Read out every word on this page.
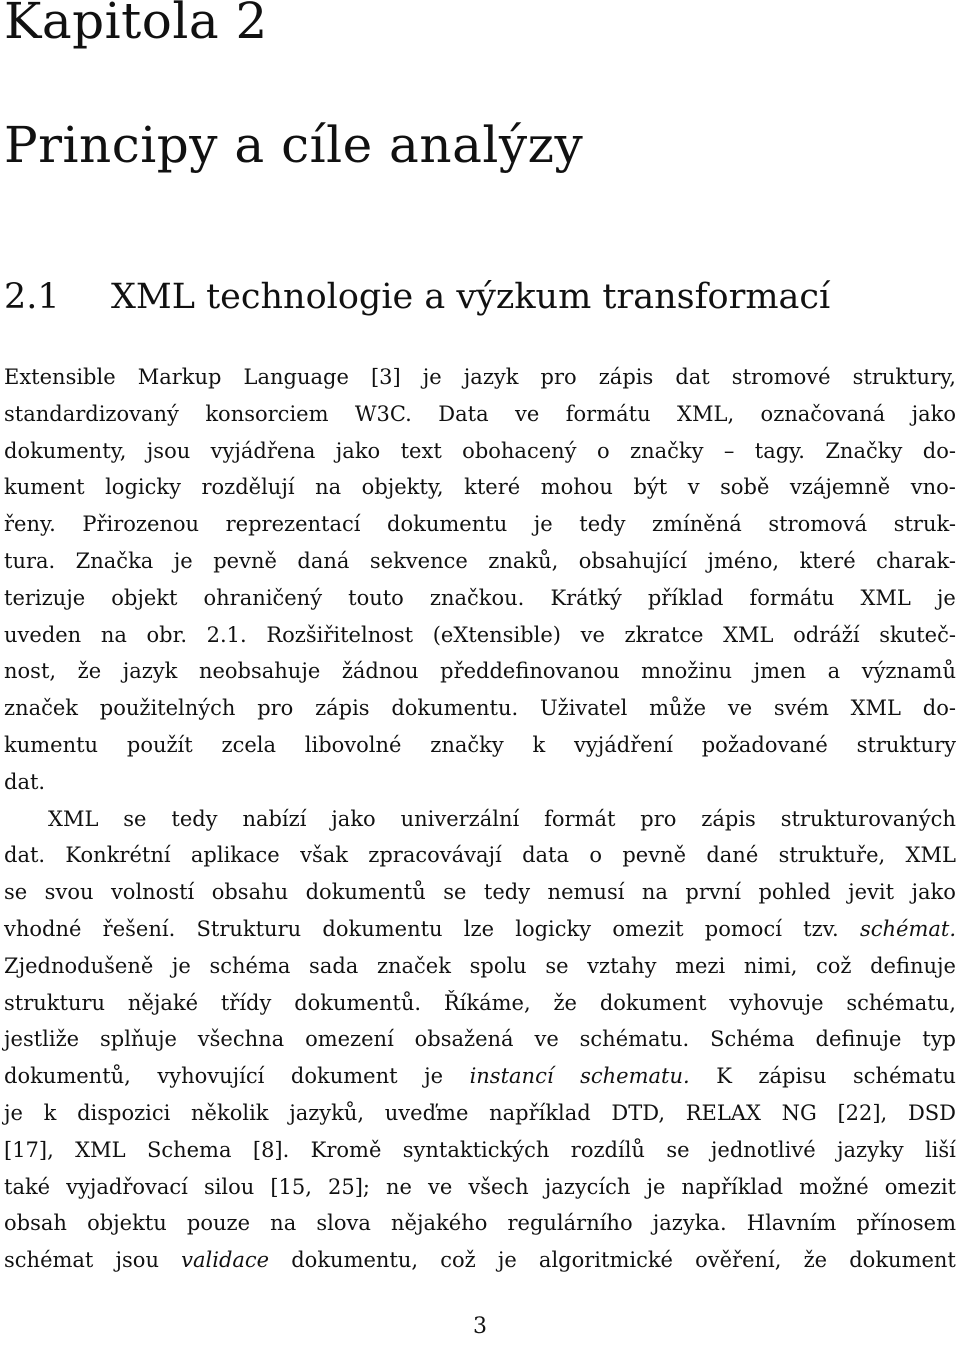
Kapitola 2
Principy a cíle analýzy
2.1 XML technologie a výzkum transformací
Extensible Markup Language [3] je jazyk pro zápis dat stromové struktury,
standardizovaný konsorciem W3C. Data ve formátu XML, označovaná jako
dokumenty, jsou vyjádřena jako text obohacený o značky – tagy. Značky do-
kument logicky rozdělují na objekty, které mohou být v sobě vzájemně vno-
řeny. Přirozenou reprezentací dokumentu je tedy zmíněná stromová struk-
tura. Značka je pevně daná sekvence znaků, obsahující jméno, které charak-
terizuje objekt ohraničený touto značkou. Krátký příklad formátu XML je
uveden na obr. 2.1. Rozšiřitelnost (eXtensible) ve zkratce XML odráží skuteč-
nost, že jazyk neobsahuje žádnou předdefinovanou množinu jmen a významů
značek použitelných pro zápis dokumentu. Uživatel může ve svém XML do-
kumentu použít zcela libovolné značky k vyjádření požadované struktury
dat.
XML se tedy nabízí jako univerzální formát pro zápis strukturovaných
dat. Konkrétní aplikace však zpracovávají data o pevně dané struktuře, XML
se svou volností obsahu dokumentů se tedy nemusí na první pohled jevit jako
vhodné řešení. Strukturu dokumentu lze logicky omezit pomocí tzv. schémat.
Zjednodušeně je schéma sada značek spolu se vztahy mezi nimi, což definuje
strukturu nějaké třídy dokumentů. Říkáme, že dokument vyhovuje schématu,
jestliže splňuje všechna omezení obsažená ve schématu. Schéma definuje typ
dokumentů, vyhovující dokument je instancí schematu. K zápisu schématu
je k dispozici několik jazyků, uveďme například DTD, RELAX NG [22], DSD
[17], XML Schema [8]. Kromě syntaktických rozdílů se jednotlivé jazyky liší
také vyjadřovací silou [15, 25]; ne ve všech jazycích je například možné omezit
obsah objektu pouze na slova nějakého regulárního jazyka. Hlavním přínosem
schémat jsou validace dokumentu, což je algoritmické ověření, že dokument
3
